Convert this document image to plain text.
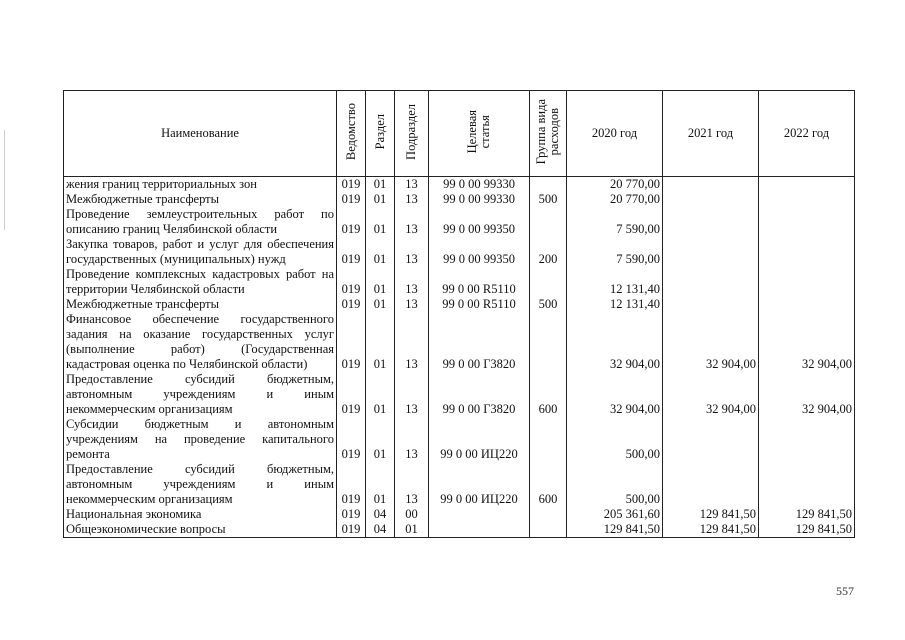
Наименование	Ведомство	Раздел	Подраздел	Целевая
статья	Группа вида
расходов	2020 год	2021 год	2022 год
жения границ территориальных зон	019	01	13	99 0 00 99330		20 770,00		
Межбюджетные трансферты	019	01	13	99 0 00 99330	500	20 770,00		
Проведение землеустроительных работ по описанию границ Челябинской области	019	01	13	99 0 00 99350		7 590,00		
Закупка товаров, работ и услуг для обеспечения государственных (муниципальных) нужд	019	01	13	99 0 00 99350	200	7 590,00		
Проведение комплексных кадастровых работ на территории Челябинской области	019	01	13	99 0 00 R5110		12 131,40		
Межбюджетные трансферты	019	01	13	99 0 00 R5110	500	12 131,40		
Финансовое обеспечение государственного задания на оказание государственных услуг (выполнение работ) (Государственная кадастровая оценка по Челябинской области)	019	01	13	99 0 00 Г3820		32 904,00	32 904,00	32 904,00
Предоставление субсидий бюджетным, автономным учреждениям и иным некоммерческим организациям	019	01	13	99 0 00 Г3820	600	32 904,00	32 904,00	32 904,00
Субсидии бюджетным и автономным учреждениям на проведение капитального ремонта	019	01	13	99 0 00 ИЦ220		500,00		
Предоставление субсидий бюджетным, автономным учреждениям и иным некоммерческим организациям	019	01	13	99 0 00 ИЦ220	600	500,00		
Национальная экономика	019	04	00			205 361,60	129 841,50	129 841,50
Общеэкономические вопросы	019	04	01			129 841,50	129 841,50	129 841,50
557
